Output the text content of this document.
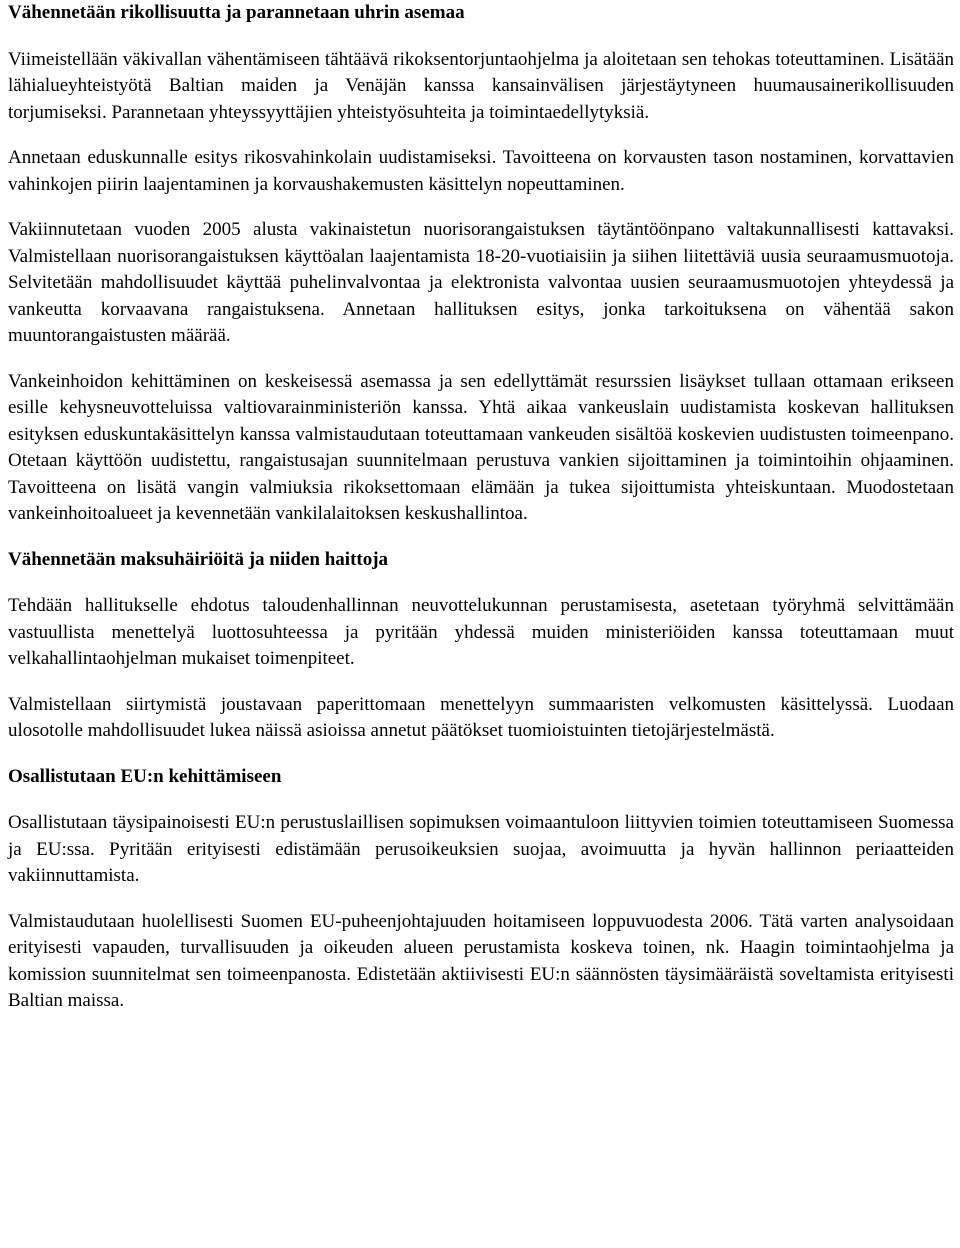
Vähennetään rikollisuutta ja parannetaan uhrin asemaa

Viimeistellään väkivallan vähentämiseen tähtäävä rikoksentorjuntaohjelma ja aloitetaan sen tehokas toteuttaminen. Lisätään lähialueyhteistyötä Baltian maiden ja Venäjän kanssa kansainvälisen järjestäytyneen huumausainerikollisuuden torjumiseksi. Parannetaan yhteyssyyttäjien yhteistyösuhteita ja toimintaedellytyksiä.

Annetaan eduskunnalle esitys rikosvahinkolain uudistamiseksi. Tavoitteena on korvausten tason nostaminen, korvattavien vahinkojen piirin laajentaminen ja korvaushakemusten käsittelyn nopeuttaminen.

Vakiinnutetaan vuoden 2005 alusta vakinaistetun nuorisorangaistuksen täytäntöönpano valtakunnallisesti kattavaksi. Valmistellaan nuorisorangaistuksen käyttöalan laajentamista 18-20-vuotiaisiin ja siihen liitettäviä uusia seuraamusmuotoja. Selvitetään mahdollisuudet käyttää puhelinvalvontaa ja elektronista valvontaa uusien seuraamusmuotojen yhteydessä ja vankeutta korvaavana rangaistuksena. Annetaan hallituksen esitys, jonka tarkoituksena on vähentää sakon muuntorangaistusten määrää.

Vankeinhoidon kehittäminen on keskeisessä asemassa ja sen edellyttämät resurssien lisäykset tullaan ottamaan erikseen esille kehysneuvotteluissa valtiovarainministeriön kanssa. Yhtä aikaa vankeuslain uudistamista koskevan hallituksen esityksen eduskuntakäsittelyn kanssa valmistaudutaan toteuttamaan vankeuden sisältöä koskevien uudistusten toimeenpano. Otetaan käyttöön uudistettu, rangaistusajan suunnitelmaan perustuva vankien sijoittaminen ja toimintoihin ohjaaminen. Tavoitteena on lisätä vangin valmiuksia rikoksettomaan elämään ja tukea sijoittumista yhteiskuntaan. Muodostetaan vankeinhoitoalueet ja kevennetään vankilalaitoksen keskushallintoa.

Vähennetään maksuhäiriöitä ja niiden haittoja

Tehdään hallitukselle ehdotus taloudenhallinnan neuvottelukunnan perustamisesta, asetetaan työryhmä selvittämään vastuullista menettelyä luottosuhteessa ja pyritään yhdessä muiden ministeriöiden kanssa toteuttamaan muut velkahallintaohjelman mukaiset toimenpiteet.

Valmistellaan siirtymistä joustavaan paperittomaan menettelyyn summaaristen velkomusten käsittelyssä. Luodaan ulosotolle mahdollisuudet lukea näissä asioissa annetut päätökset tuomioistuinten tietojärjestelmästä.

Osallistutaan EU:n kehittämiseen

Osallistutaan täysipainoisesti EU:n perustuslaillisen sopimuksen voimaantuloon liittyvien toimien toteuttamiseen Suomessa ja EU:ssa. Pyritään erityisesti edistämään perusoikeuksien suojaa, avoimuutta ja hyvän hallinnon periaatteiden vakiinnuttamista.

Valmistaudutaan huolellisesti Suomen EU-puheenjohtajuuden hoitamiseen loppuvuodesta 2006. Tätä varten analysoidaan erityisesti vapauden, turvallisuuden ja oikeuden alueen perustamista koskeva toinen, nk. Haagin toimintaohjelma ja komission suunnitelmat sen toimeenpanosta. Edistetään aktiivisesti EU:n säännösten täysimääräistä soveltamista erityisesti Baltian maissa.
